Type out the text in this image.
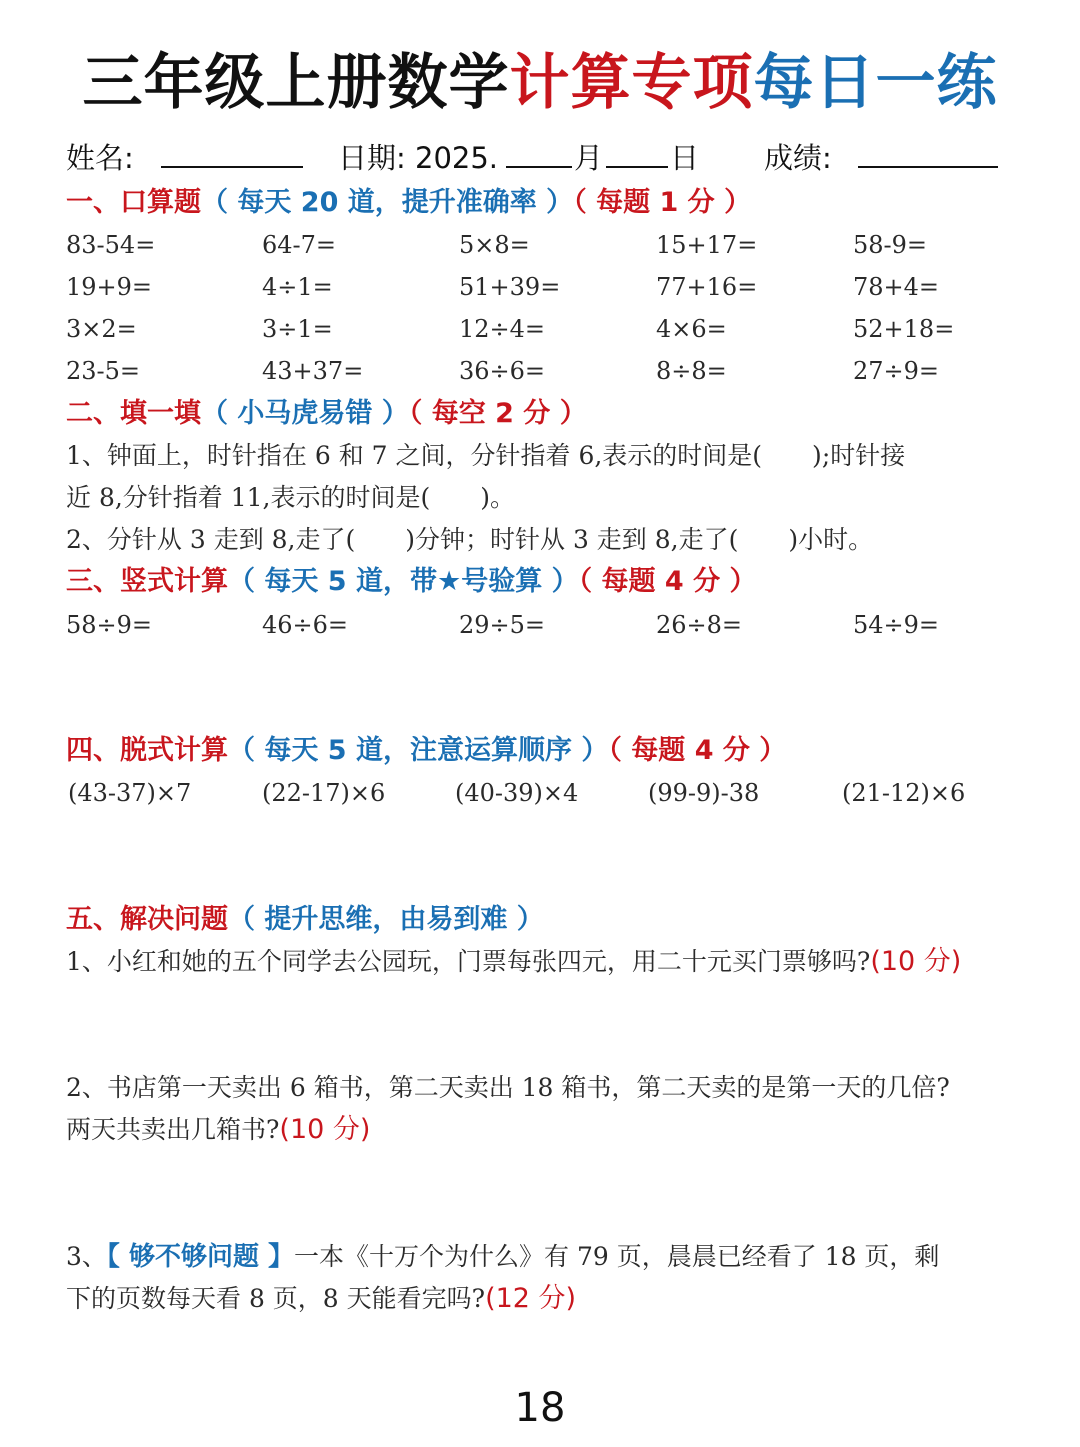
三年级上册数学计算专项每日一练
姓名:	日期: 2025.	月 日 成绩:
一、口算题（ 每天 20 道，提升准确率 ）（ 每题 1 分 ）
83-54=	64-7=	5×8=	15+17=	58-9=
19+9=	4÷1=	51+39=	77+16=	78+4=
3×2=	3÷1=	12÷4=	4×6=	52+18=
23-5=	43+37=	36÷6=	8÷8=	27÷9=
二、填一填（ 小马虎易错 ）（ 每空 2 分 ）
1、钟面上，时针指在 6 和 7 之间，分针指着 6,表示的时间是(　　);时针接
近 8,分针指着 11,表示的时间是(　　)。
2、分针从 3 走到 8,走了(　　)分钟；时针从 3 走到 8,走了(　　)小时。
三、竖式计算（ 每天 5 道，带★号验算 ）（ 每题 4 分 ）
58÷9=	46÷6=	29÷5=	26÷8=	54÷9=
四、脱式计算（ 每天 5 道，注意运算顺序 ）（ 每题 4 分 ）
(43-37)×7	(22-17)×6	(40-39)×4	(99-9)-38	(21-12)×6
五、解决问题（ 提升思维，由易到难 ）
1、小红和她的五个同学去公园玩，门票每张四元，用二十元买门票够吗?(10 分)
2、书店第一天卖出 6 箱书，第二天卖出 18 箱书，第二天卖的是第一天的几倍?
两天共卖出几箱书?(10 分)
3、【 够不够问题 】一本《十万个为什么》有 79 页，晨晨已经看了 18 页，剩
下的页数每天看 8 页，8 天能看完吗?(12 分)
18
